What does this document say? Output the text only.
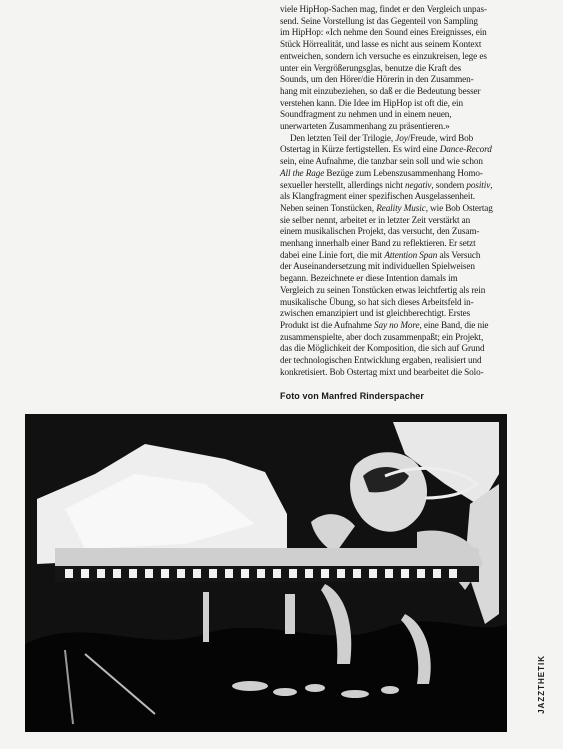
viele HipHop-Sachen mag, findet er den Vergleich unpas-

send. Seine Vorstellung ist das Gegenteil von Sampling

im HipHop: «Ich nehme den Sound eines Ereignisses, ein

Stück Hörrealität, und lasse es nicht aus seinem Kontext

entweichen, sondern ich versuche es einzukreisen, lege es

unter ein Vergrößerungsglas, benutze die Kraft des

Sounds, um den Hörer/die Hörerin in den Zusammen-

hang mit einzubeziehen, so daß er die Bedeutung besser

verstehen kann. Die Idee im HipHop ist oft die, ein

Soundfragment zu nehmen und in einem neuen,

unerwarteten Zusammenhang zu präsentieren.»

Den letzten Teil der Trilogie, Joy/Freude, wird Bob

Ostertag in Kürze fertigstellen. Es wird eine Dance-Record

sein, eine Aufnahme, die tanzbar sein soll und wie schon

All the Rage Bezüge zum Lebenszusammenhang Homo-

sexueller herstellt, allerdings nicht negativ, sondern positiv,

als Klangfragment einer spezifischen Ausgelassenheit.

Neben seinen Tonstücken, Reality Music, wie Bob Ostertag

sie selber nennt, arbeitet er in letzter Zeit verstärkt an

einem musikalischen Projekt, das versucht, den Zusam-

menhang innerhalb einer Band zu reflektieren. Er setzt

dabei eine Linie fort, die mit Attention Span als Versuch

der Auseinandersetzung mit individuellen Spielweisen

begann. Bezeichnete er diese Intention damals im

Vergleich zu seinen Tonstücken etwas leichtfertig als rein

musikalische Übung, so hat sich dieses Arbeitsfeld in-

zwischen emanzipiert und ist gleichberechtigt. Erstes

Produkt ist die Aufnahme Say no More, eine Band, die nie

zusammenspielte, aber doch zusammenpaßt; ein Projekt,

das die Möglichkeit der Komposition, die sich auf Grund

der technologischen Entwicklung ergaben, realisiert und

konkretisiert. Bob Ostertag mixt und bearbeitet die Solo-

Foto von Manfred Rinderspacher
JAZZTHETIK
